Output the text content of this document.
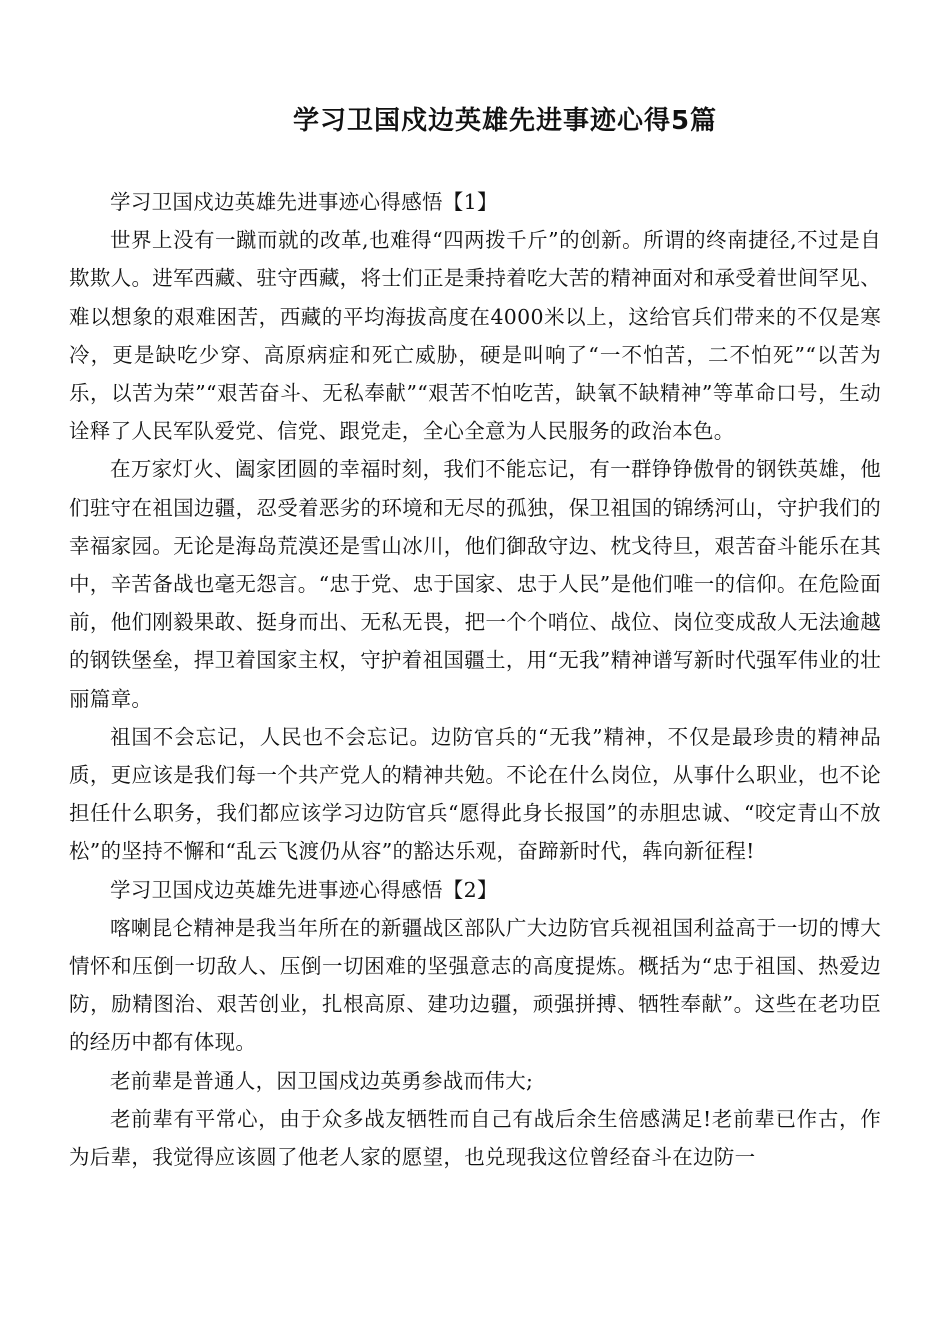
学习卫国戍边英雄先进事迹心得5篇

学习卫国戍边英雄先进事迹心得感悟【1】

世界上没有一蹴而就的改革,也难得“四两拨千斤”的创新。所谓的终南捷径,不过是自欺欺人。进军西藏、驻守西藏，将士们正是秉持着吃大苦的精神面对和承受着世间罕见、难以想象的艰难困苦，西藏的平均海拔高度在4000米以上，这给官兵们带来的不仅是寒冷，更是缺吃少穿、高原病症和死亡威胁，硬是叫响了“一不怕苦，二不怕死”“以苦为乐，以苦为荣”“艰苦奋斗、无私奉献”“艰苦不怕吃苦，缺氧不缺精神”等革命口号，生动诠释了人民军队爱党、信党、跟党走，全心全意为人民服务的政治本色。

在万家灯火、阖家团圆的幸福时刻，我们不能忘记，有一群铮铮傲骨的钢铁英雄，他们驻守在祖国边疆，忍受着恶劣的环境和无尽的孤独，保卫祖国的锦绣河山，守护我们的幸福家园。无论是海岛荒漠还是雪山冰川，他们御敌守边、枕戈待旦，艰苦奋斗能乐在其中，辛苦备战也毫无怨言。“忠于党、忠于国家、忠于人民”是他们唯一的信仰。在危险面前，他们刚毅果敢、挺身而出、无私无畏，把一个个哨位、战位、岗位变成敌人无法逾越的钢铁堡垒，捍卫着国家主权，守护着祖国疆土，用“无我”精神谱写新时代强军伟业的壮丽篇章。

祖国不会忘记，人民也不会忘记。边防官兵的“无我”精神，不仅是最珍贵的精神品质，更应该是我们每一个共产党人的精神共勉。不论在什么岗位，从事什么职业，也不论担任什么职务，我们都应该学习边防官兵“愿得此身长报国”的赤胆忠诚、“咬定青山不放松”的坚持不懈和“乱云飞渡仍从容”的豁达乐观，奋蹄新时代，犇向新征程!

学习卫国戍边英雄先进事迹心得感悟【2】

喀喇昆仑精神是我当年所在的新疆战区部队广大边防官兵视祖国利益高于一切的博大情怀和压倒一切敌人、压倒一切困难的坚强意志的高度提炼。概括为“忠于祖国、热爱边防，励精图治、艰苦创业，扎根高原、建功边疆，顽强拼搏、牺牲奉献”。这些在老功臣的经历中都有体现。

老前辈是普通人，因卫国戍边英勇参战而伟大;

老前辈有平常心，由于众多战友牺牲而自己有战后余生倍感满足!老前辈已作古，作为后辈，我觉得应该圆了他老人家的愿望，也兑现我这位曾经奋斗在边防一
